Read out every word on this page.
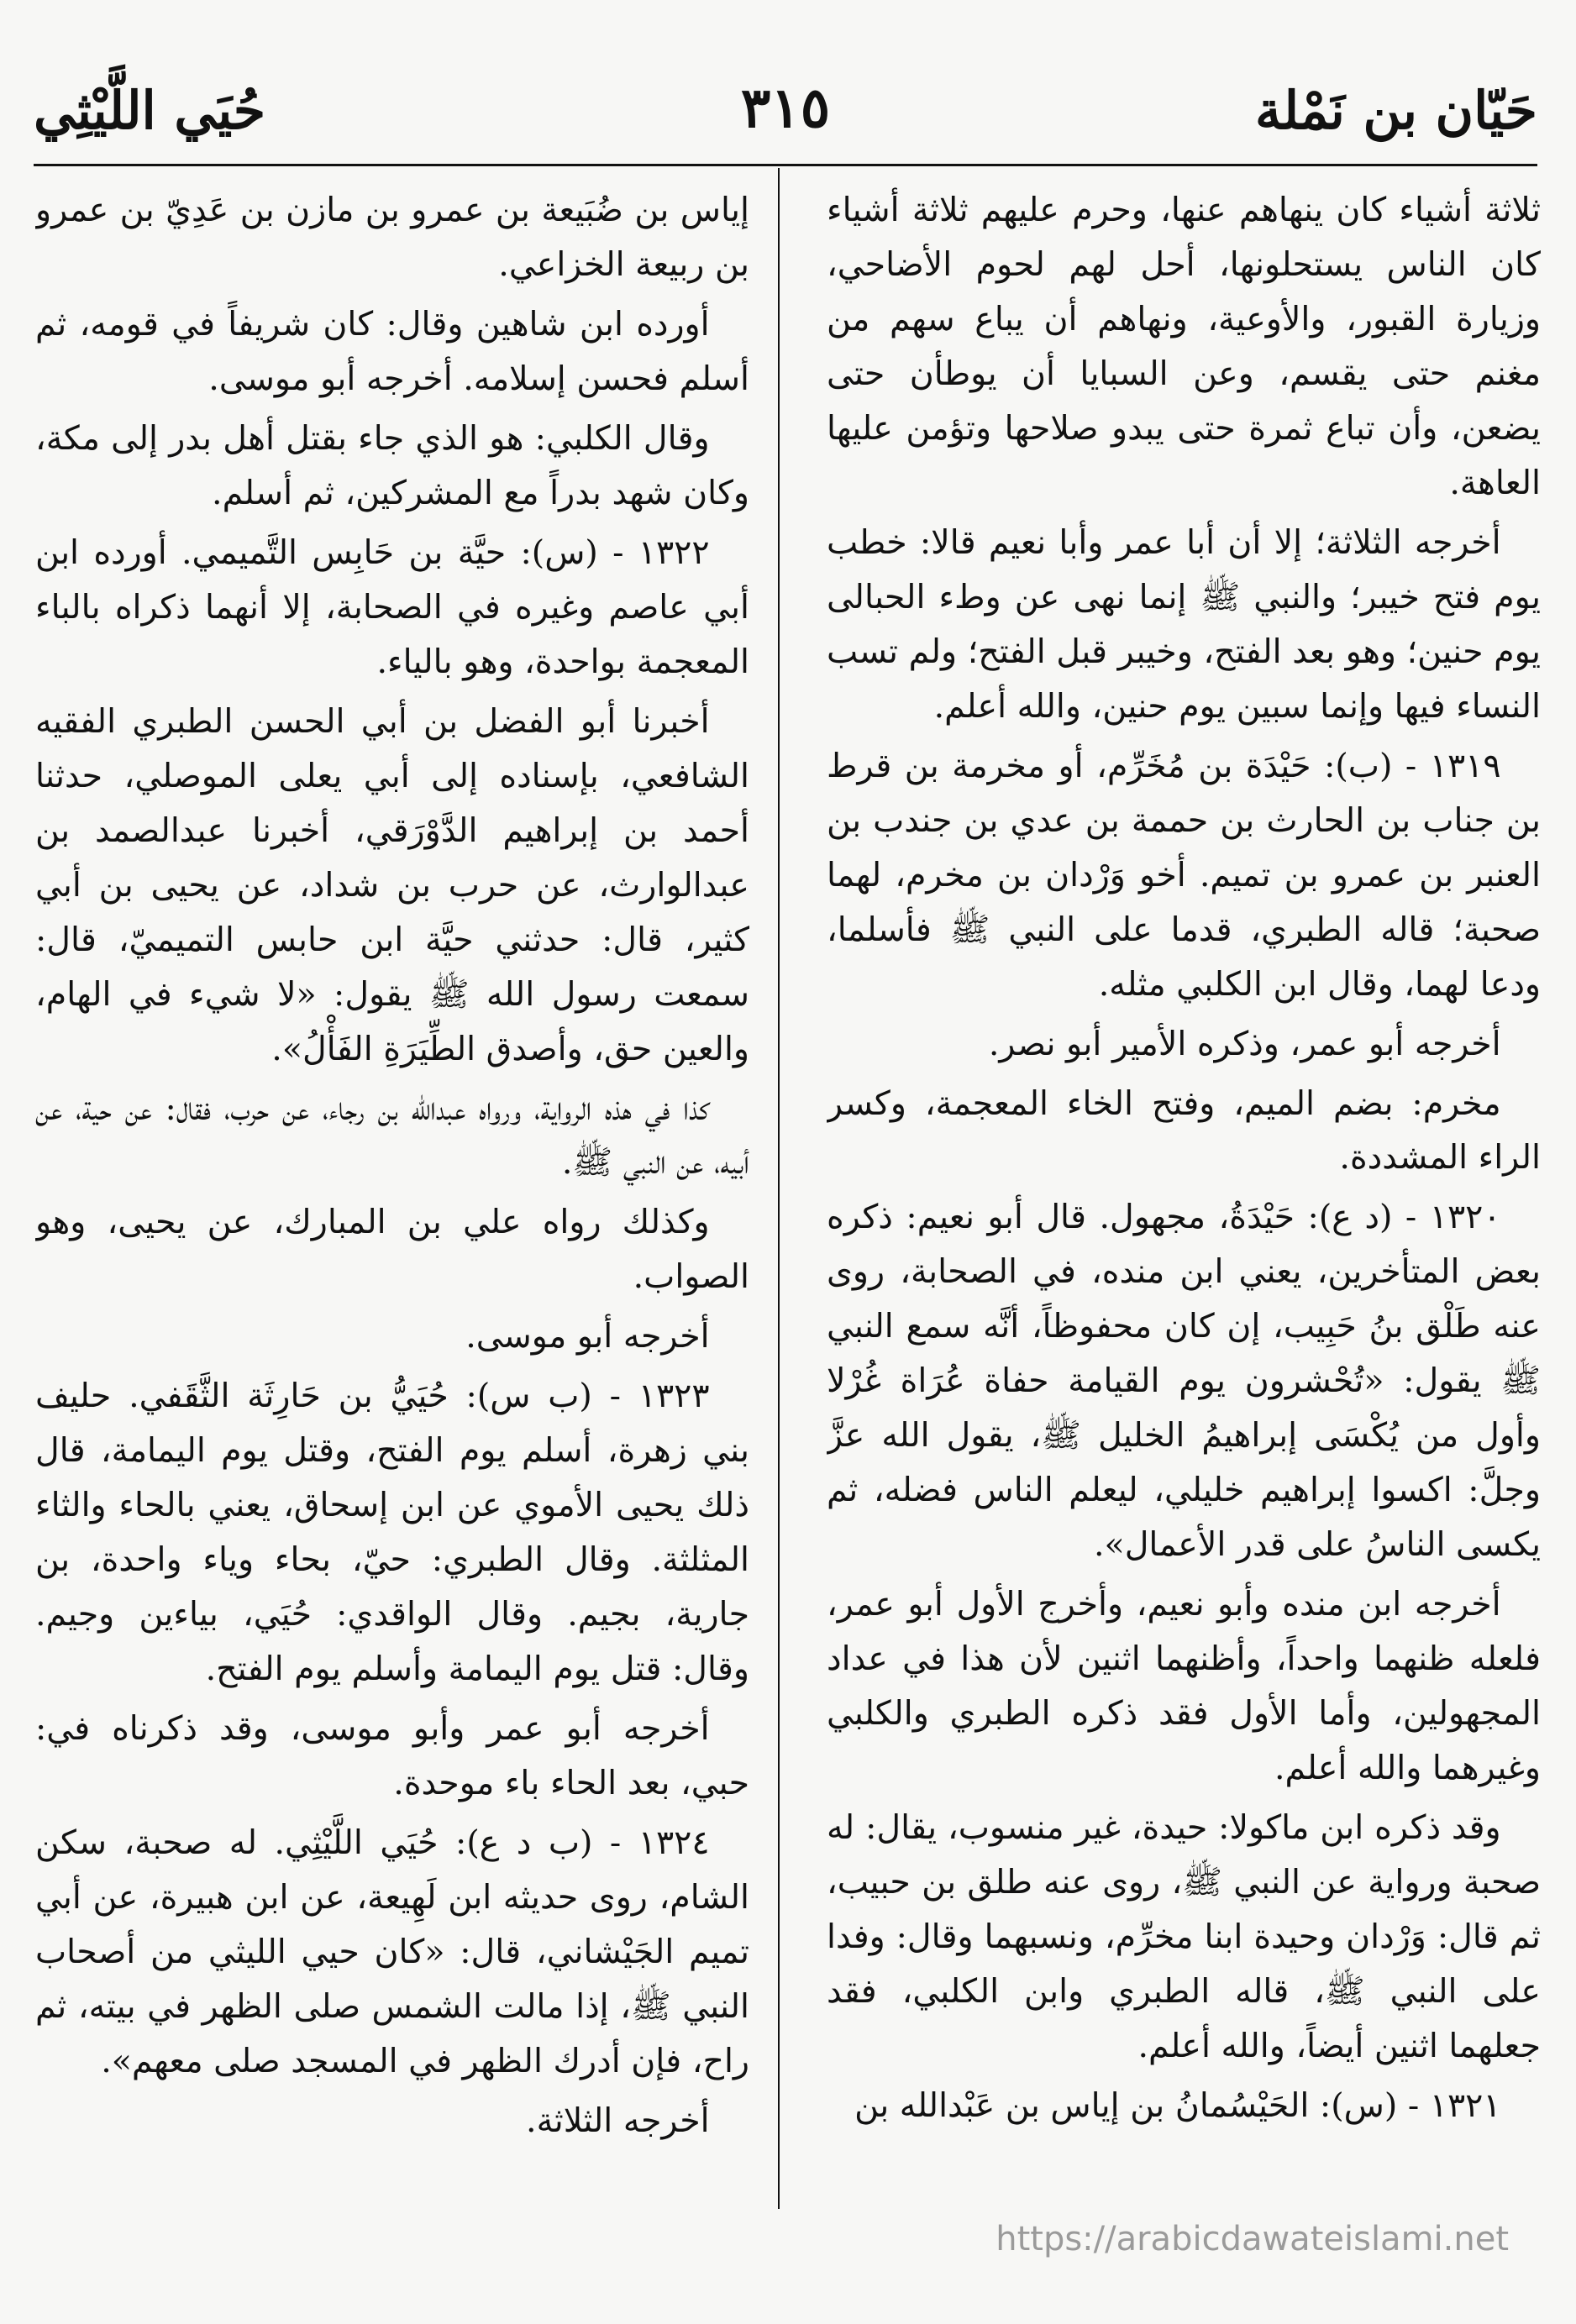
حَيّان بن نَمْلة
٣١٥
حُيَي اللَّيْثِي

ثلاثة أشياء كان ينهاهم عنها، وحرم عليهم ثلاثة أشياء كان الناس يستحلونها، أحل لهم لحوم الأضاحي، وزيارة القبور، والأوعية، ونهاهم أن يباع سهم من مغنم حتى يقسم، وعن السبايا أن يوطأن حتى يضعن، وأن تباع ثمرة حتى يبدو صلاحها وتؤمن عليها العاهة.

أخرجه الثلاثة؛ إلا أن أبا عمر وأبا نعيم قالا: خطب يوم فتح خيبر؛ والنبي ﷺ إنما نهى عن وطء الحبالى يوم حنين؛ وهو بعد الفتح، وخيبر قبل الفتح؛ ولم تسب النساء فيها وإنما سبين يوم حنين، والله أعلم.

١٣١٩ - (ب): حَيْدَة بن مُخَرِّم، أو مخرمة بن قرط بن جناب بن الحارث بن حممة بن عدي بن جندب بن العنبر بن عمرو بن تميم. أخو وَرْدان بن مخرم، لهما صحبة؛ قاله الطبري، قدما على النبي ﷺ فأسلما، ودعا لهما، وقال ابن الكلبي مثله.

أخرجه أبو عمر، وذكره الأمير أبو نصر.

مخرم: بضم الميم، وفتح الخاء المعجمة، وكسر الراء المشددة.

١٣٢٠ - (د ع): حَيْدَةُ، مجهول. قال أبو نعيم: ذكره بعض المتأخرين، يعني ابن منده، في الصحابة، روى عنه طَلْق بنُ حَبِيب، إن كان محفوظاً، أنَّه سمع النبي ﷺ يقول: «تُحْشرون يوم القيامة حفاة عُرَاة غُرْلا وأول من يُكْسَى إبراهيمُ الخليل ﷺ، يقول الله عزَّ وجلَّ: اكسوا إبراهيم خليلي، ليعلم الناس فضله، ثم يكسى الناسُ على قدر الأعمال».

أخرجه ابن منده وأبو نعيم، وأخرج الأول أبو عمر، فلعله ظنهما واحداً، وأظنهما اثنين لأن هذا في عداد المجهولين، وأما الأول فقد ذكره الطبري والكلبي وغيرهما والله أعلم.

وقد ذكره ابن ماكولا: حيدة، غير منسوب، يقال: له صحبة ورواية عن النبي ﷺ، روى عنه طلق بن حبيب، ثم قال: وَرْدان وحيدة ابنا مخرِّم، ونسبهما وقال: وفدا على النبي ﷺ، قاله الطبري وابن الكلبي، فقد جعلهما اثنين أيضاً، والله أعلم.

١٣٢١ - (س): الحَيْسُمانُ بن إياس بن عَبْدالله بن

إياس بن ضُبَيعة بن عمرو بن مازن بن عَدِيّ بن عمرو بن ربيعة الخزاعي.

أورده ابن شاهين وقال: كان شريفاً في قومه، ثم أسلم فحسن إسلامه. أخرجه أبو موسى.

وقال الكلبي: هو الذي جاء بقتل أهل بدر إلى مكة، وكان شهد بدراً مع المشركين، ثم أسلم.

١٣٢٢ - (س): حيَّة بن حَابِس التَّميمي. أورده ابن أبي عاصم وغيره في الصحابة، إلا أنهما ذكراه بالباء المعجمة بواحدة، وهو بالياء.

أخبرنا أبو الفضل بن أبي الحسن الطبري الفقيه الشافعي، بإسناده إلى أبي يعلى الموصلي، حدثنا أحمد بن إبراهيم الدَّوْرَقي، أخبرنا عبدالصمد بن عبدالوارث، عن حرب بن شداد، عن يحيى بن أبي كثير، قال: حدثني حيَّة ابن حابس التميميّ، قال: سمعت رسول الله ﷺ يقول: «لا شيء في الهام، والعين حق، وأصدق الطِّيَرَةِ الفَأْلُ».

كذا في هذه الرواية، ورواه عبدالله بن رجاء، عن حرب، فقال: عن حية، عن أبيه، عن النبي ﷺ.

وكذلك رواه علي بن المبارك، عن يحيى، وهو الصواب.

أخرجه أبو موسى.

١٣٢٣ - (ب س): حُيَيُّ بن حَارِثَة الثَّقَفي. حليف بني زهرة، أسلم يوم الفتح، وقتل يوم اليمامة، قال ذلك يحيى الأموي عن ابن إسحاق، يعني بالحاء والثاء المثلثة. وقال الطبري: حيّ، بحاء وياء واحدة، بن جارية، بجيم. وقال الواقدي: حُيَي، بياءين وجيم. وقال: قتل يوم اليمامة وأسلم يوم الفتح.

أخرجه أبو عمر وأبو موسى، وقد ذكرناه في: حبي، بعد الحاء باء موحدة.

١٣٢٤ - (ب د ع): حُيَي اللَّيْثِي. له صحبة، سكن الشام، روى حديثه ابن لَهِيعة، عن ابن هبيرة، عن أبي تميم الجَيْشاني، قال: «كان حيي الليثي من أصحاب النبي ﷺ، إذا مالت الشمس صلى الظهر في بيته، ثم راح، فإن أدرك الظهر في المسجد صلى معهم».

أخرجه الثلاثة.

https://arabicdawateislami.net
